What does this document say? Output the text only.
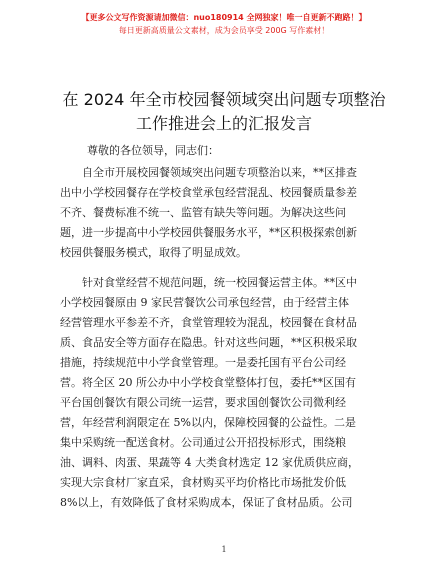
【更多公文写作资源请加微信：nuo180914 全网独家！唯一自更新不跑路！】
每日更新高质量公文素材，成为会员享受 200G 写作素材！
在 2024 年全市校园餐领域突出问题专项整治工作推进会上的汇报发言
尊敬的各位领导，同志们：
自全市开展校园餐领域突出问题专项整治以来，**区排查
出中小学校园餐存在学校食堂承包经营混乱、校园餐质量参差
不齐、餐费标准不统一、监管有缺失等问题。为解决这些问
题，进一步提高中小学校园供餐服务水平，**区积极探索创新
校园供餐服务模式，取得了明显成效。
针对食堂经营不规范问题，统一校园餐运营主体。**区中
小学校园餐原由 9 家民营餐饮公司承包经营，由于经营主体
经营管理水平参差不齐，食堂管理较为混乱，校园餐在食材品
质、食品安全等方面存在隐患。针对这些问题，**区积极采取
措施，持续规范中小学食堂管理。一是委托国有平台公司经
营。将全区 20 所公办中小学校食堂整体打包，委托**区国有
平台国创餐饮有限公司统一运营，要求国创餐饮公司微利经
营，年经营利润限定在 5%以内，保障校园餐的公益性。二是
集中采购统一配送食材。公司通过公开招投标形式，围绕粮
油、调料、肉蛋、果蔬等 4 大类食材选定 12 家优质供应商，
实现大宗食材厂家直采，食材购买平均价格比市场批发价低
8%以上，有效降低了食材采购成本，保证了食材品质。公司
1
